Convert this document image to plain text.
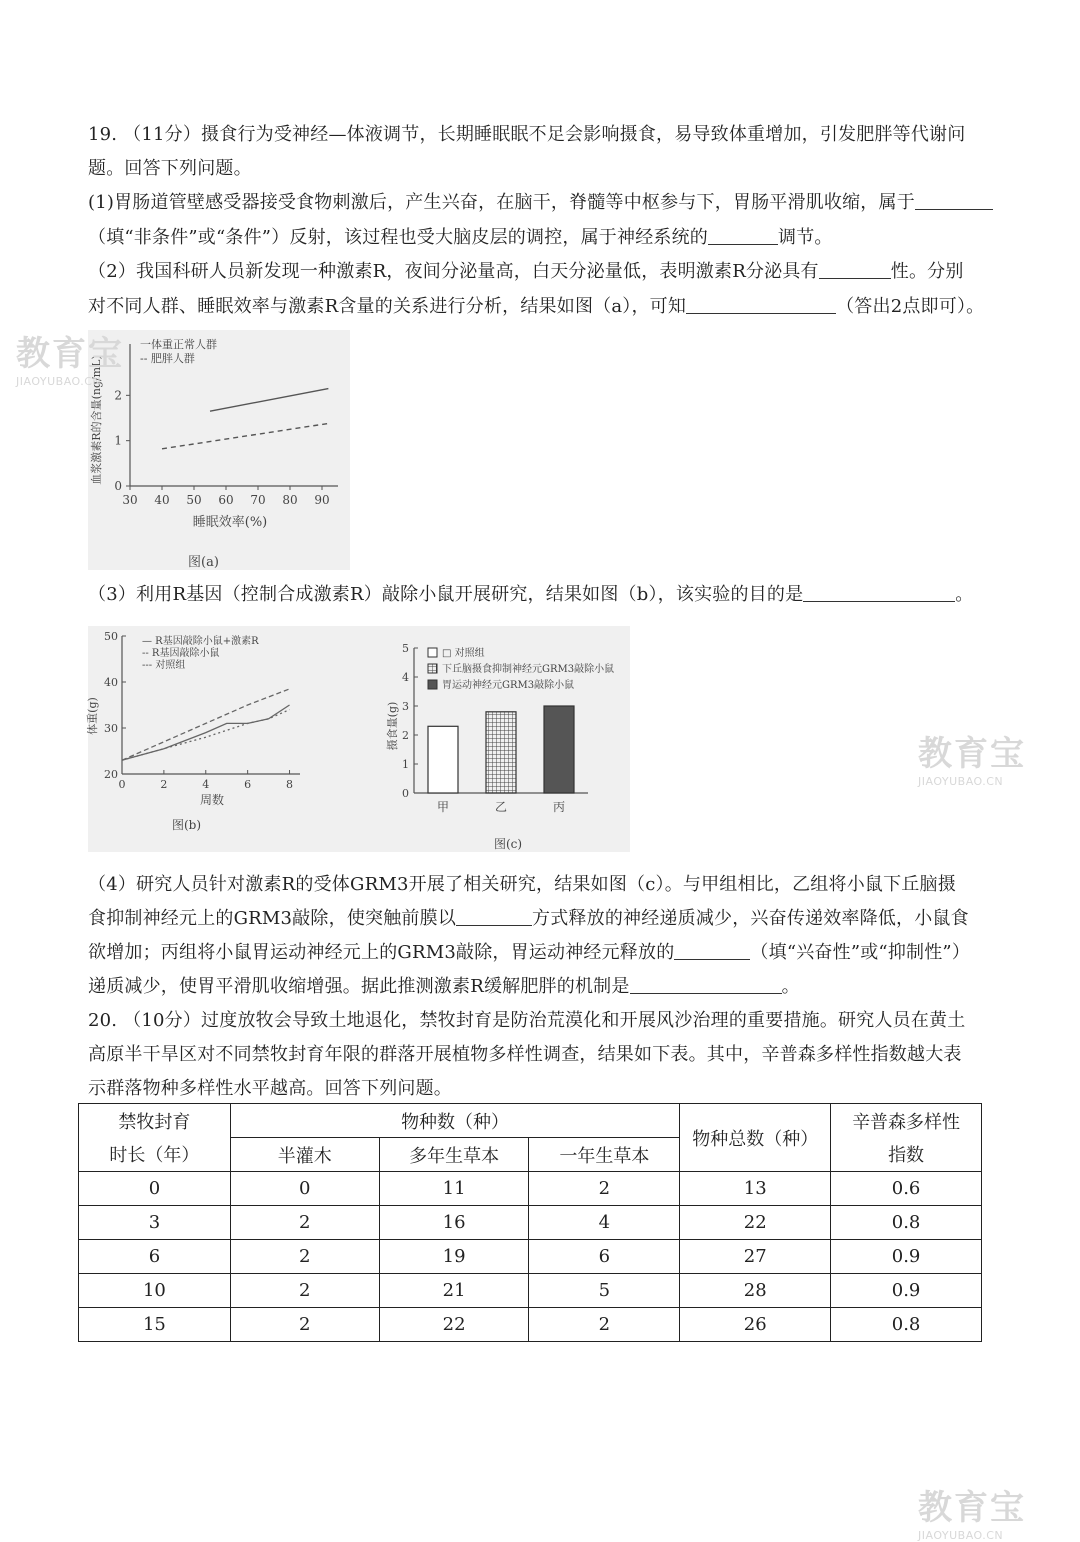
19. （11分）摄食行为受神经—体液调节，长期睡眠眠不足会影响摄食，易导致体重增加，引发肥胖等代谢问
题。回答下列问题。
(1)胃肠道管壁感受器接受食物刺激后，产生兴奋，在脑干，脊髓等中枢参与下，胃肠平滑肌收缩，属于
（填“非条件”或“条件”）反射，该过程也受大脑皮层的调控，属于神经系统的	调节。
（2）我国科研人员新发现一种激素R，夜间分泌量高，白天分泌量低，表明激素R分泌具有	性。分别
对不同人群、睡眠效率与激素R含量的关系进行分析，结果如图（a），可知	（答出2点即可）。
30 40 50 60 70 80 90
0
1
2
一体重正常人群
-- 肥胖人群
睡眠效率(%)
血浆激素R的含量(ng/mL)
图(a)
（3）利用R基因（控制合成激素R）敲除小鼠开展研究，结果如图（b），该实验的目的是	。
0	2	4	6	8
20
30
40
50 — R基因敲除小鼠+激素R
-- R基因敲除小鼠
--- 对照组
周数
体重(g)
图(b)
0
1
2
3
4
5
甲	乙	丙
□ 对照组
下丘脑摄食抑制神经元GRM3敲除小鼠
胃运动神经元GRM3敲除小鼠
摄食量(g)
图(c)
（4）研究人员针对激素R的受体GRM3开展了相关研究，结果如图（c）。与甲组相比，乙组将小鼠下丘脑摄
食抑制神经元上的GRM3敲除，使突触前膜以	方式释放的神经递质减少，兴奋传递效率降低，小鼠食
欲增加；丙组将小鼠胃运动神经元上的GRM3敲除，胃运动神经元释放的	（填“兴奋性”或“抑制性”）
递质减少，使胃平滑肌收缩增强。据此推测激素R缓解肥胖的机制是	。
20. （10分）过度放牧会导致土地退化，禁牧封育是防治荒漠化和开展风沙治理的重要措施。研究人员在黄土
高原半干旱区对不同禁牧封育年限的群落开展植物多样性调查，结果如下表。其中，辛普森多样性指数越大表
示群落物种多样性水平越高。回答下列问题。
禁牧封育	物种数（种）			物种总数（种）	辛普森多样性
时长（年）	半灌木	多年生草本	一年生草本		指数
0	0	11	2	13	0.6
3	2	16	4	22	0.8
6	2	19	6	27	0.9
10	2	21	5	28	0.9
15	2	22	2	26	0.8
教育宝
JIAOYUBAO.CN
教育宝
JIAOYUBAO.CN
教育宝
JIAOYUBAO.CN
